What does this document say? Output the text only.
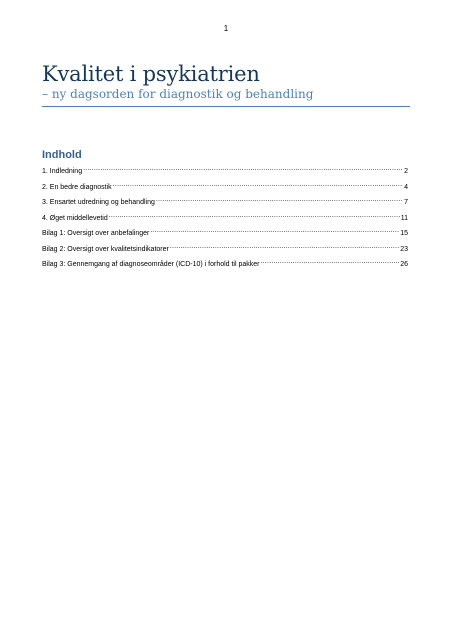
1
Kvalitet i psykiatrien
– ny dagsorden for diagnostik og behandling
Indhold
1. Indledning .....	2
2. En bedre diagnostik .....	4
3. Ensartet udredning og behandling .....	7
4. Øget middellevetid .....	11
Bilag 1: Oversigt over anbefalinger .....	15
Bilag 2: Oversigt over kvalitetsindikatorer .....	23
Bilag 3: Gennemgang af diagnoseområder (ICD-10) i forhold til pakker .....	26
